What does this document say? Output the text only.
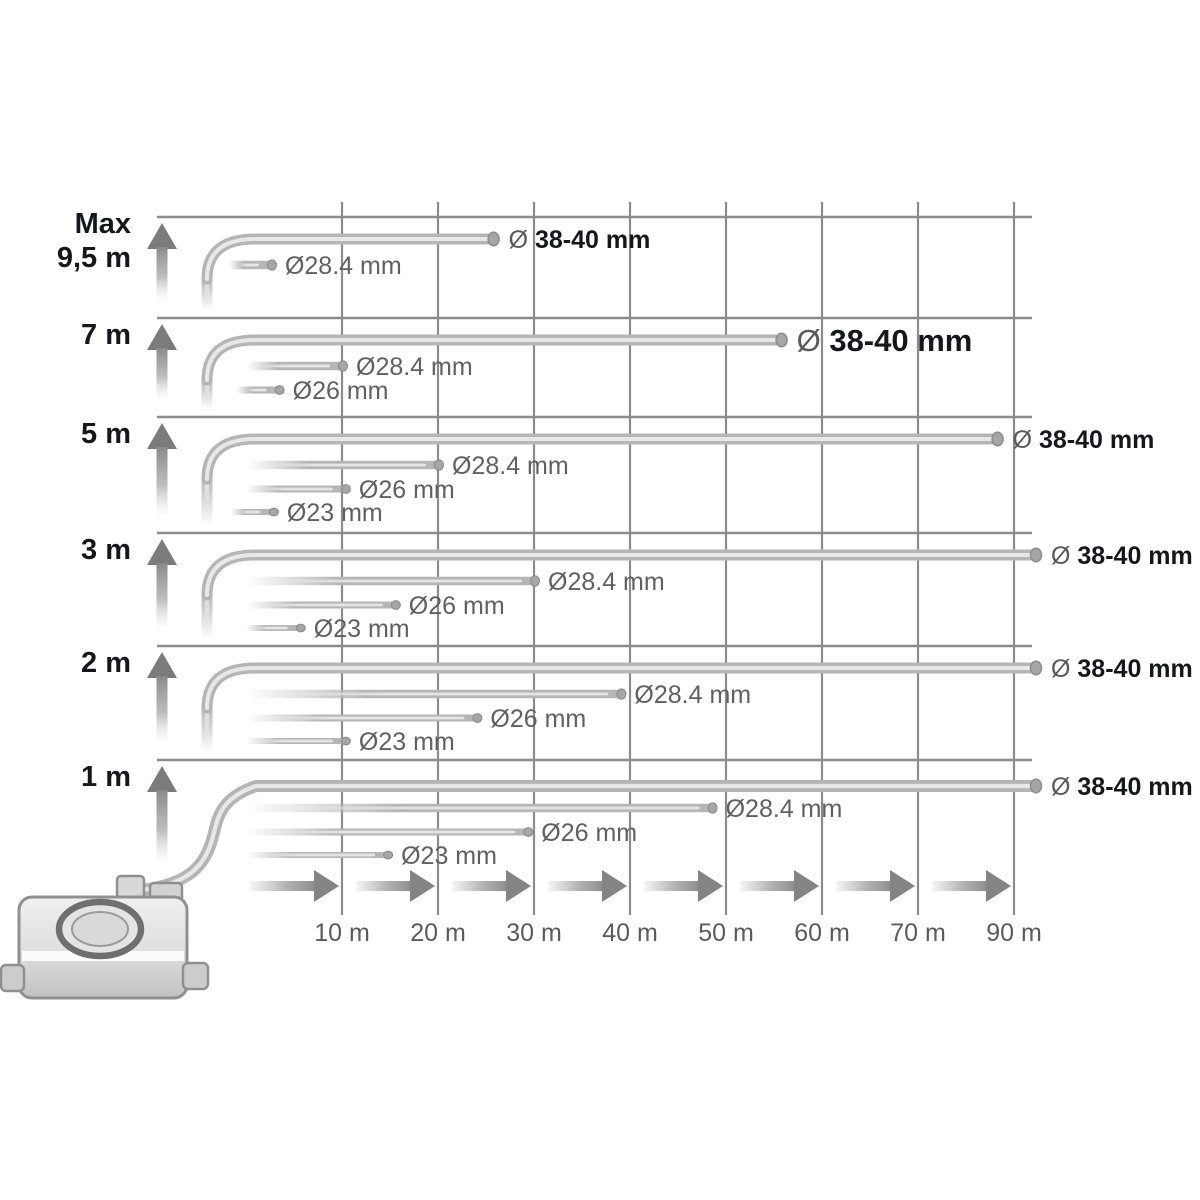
10 m 20 m 30 m 40 m 50 m 60 m 70 m 90 m
Max
9,5 m
7 m
5 m
3 m
2 m
1 m
Ø 38-40 mm
Ø28.4 mm
Ø 38-40 mm
Ø28.4 mm
Ø26 mm
Ø 38-40 mm
Ø28.4 mm
Ø26 mm
Ø23 mm
Ø 38-40 mm
Ø28.4 mm
Ø26 mm
Ø23 mm
Ø 38-40 mm
Ø28.4 mm
Ø26 mm
Ø23 mm
Ø 38-40 mm
Ø28.4 mm
Ø26 mm
Ø23 mm
